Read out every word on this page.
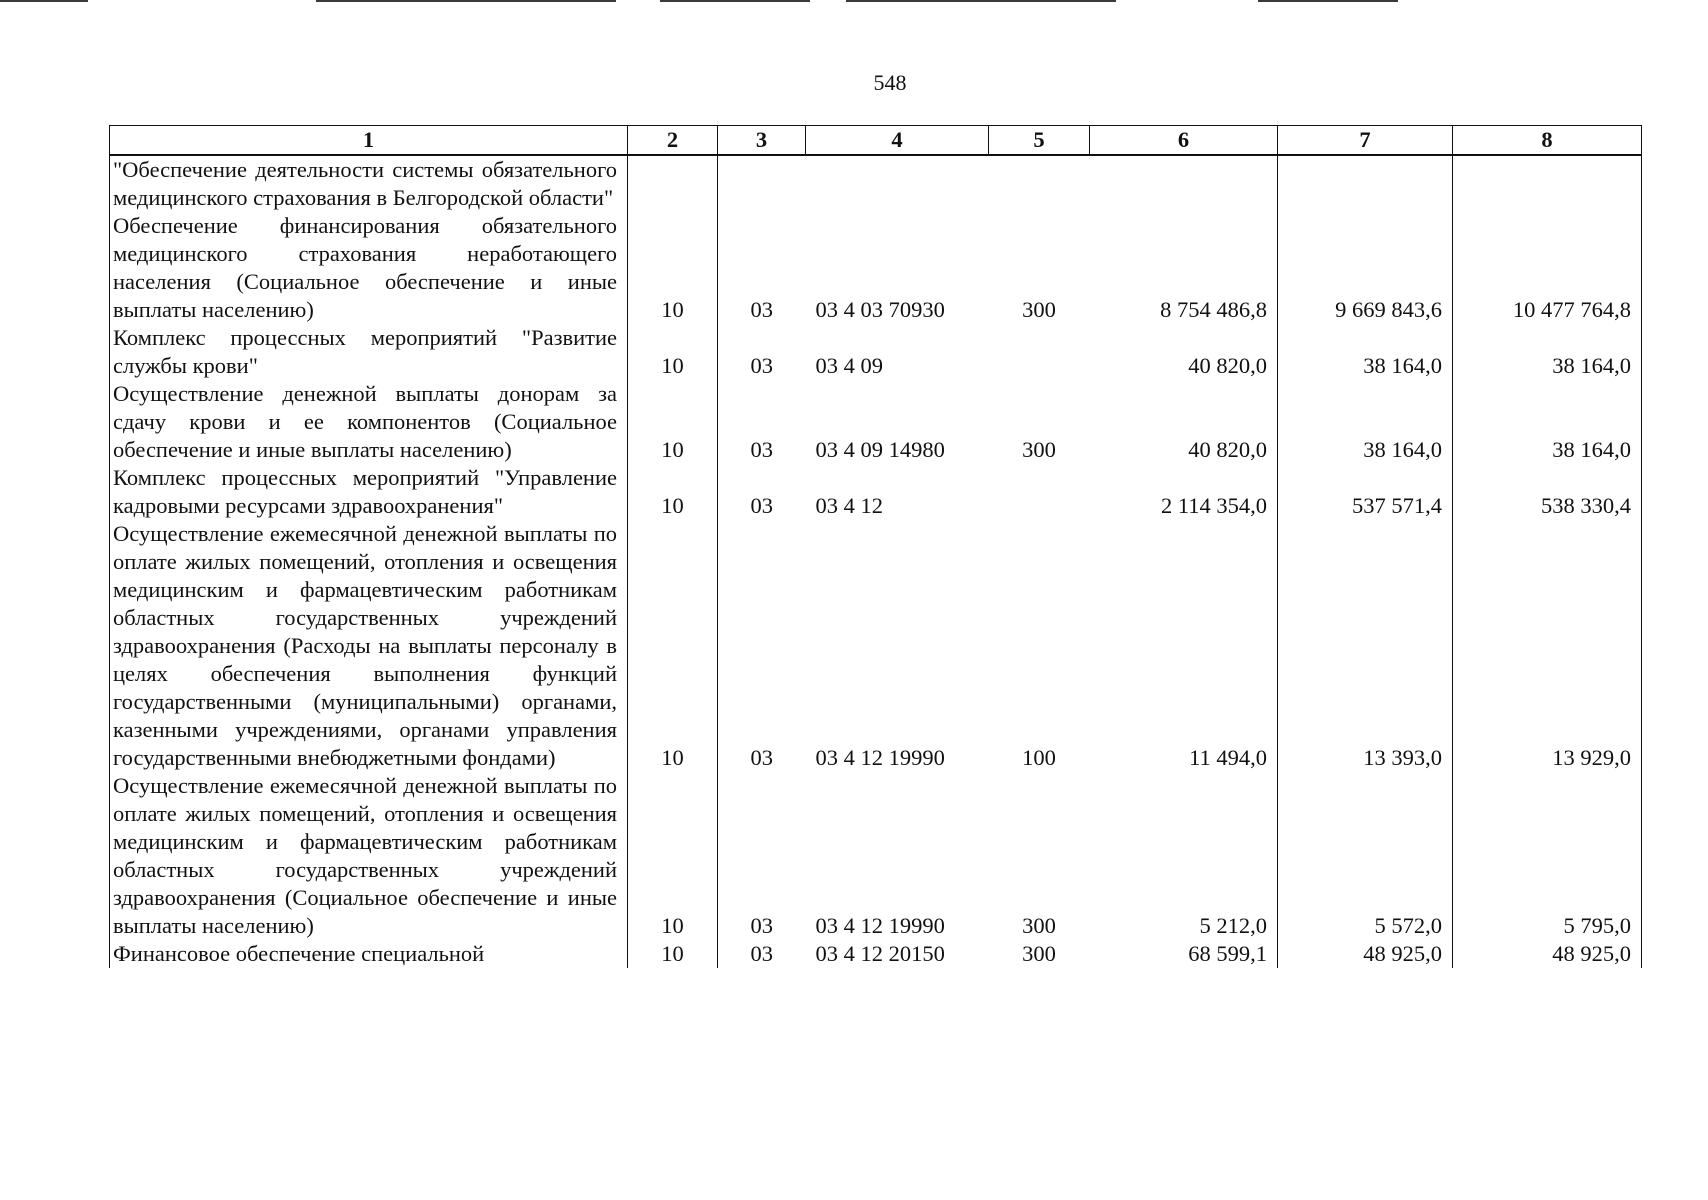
548
1	2	3	4	5	6	7	8
"Обеспечение деятельности системы обязательного медицинского страхования в Белгородской области"							
Обеспечение финансирования обязательного медицинского страхования неработающего населения (Социальное обеспечение и иные выплаты населению)	10	03	03 4 03 70930	300	8 754 486,8	9 669 843,6	10 477 764,8
Комплекс процессных мероприятий "Развитие службы крови"	10	03	03 4 09		40 820,0	38 164,0	38 164,0
Осуществление денежной выплаты донорам за сдачу крови и ее компонентов (Социальное обеспечение и иные выплаты населению)	10	03	03 4 09 14980	300	40 820,0	38 164,0	38 164,0
Комплекс процессных мероприятий "Управление кадровыми ресурсами здравоохранения"	10	03	03 4 12		2 114 354,0	537 571,4	538 330,4
Осуществление ежемесячной денежной выплаты по оплате жилых помещений, отопления и освещения медицинским и фармацевтическим работникам областных государственных учреждений здравоохранения (Расходы на выплаты персоналу в целях обеспечения выполнения функций государственными (муниципальными) органами, казенными учреждениями, органами управления государственными внебюджетными фондами)	10	03	03 4 12 19990	100	11 494,0	13 393,0	13 929,0
Осуществление ежемесячной денежной выплаты по оплате жилых помещений, отопления и освещения медицинским и фармацевтическим работникам областных государственных учреждений здравоохранения (Социальное обеспечение и иные выплаты населению)	10	03	03 4 12 19990	300	5 212,0	5 572,0	5 795,0
Финансовое обеспечение специальной	10	03	03 4 12 20150	300	68 599,1	48 925,0	48 925,0
